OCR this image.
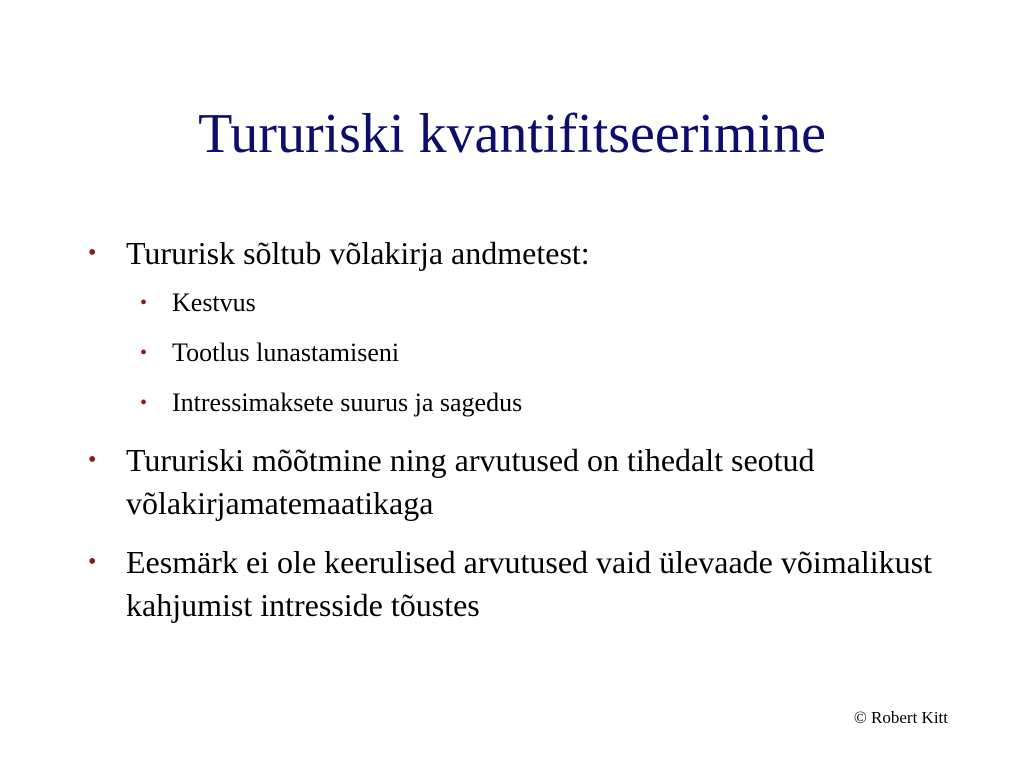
Tururiski kvantifitseerimine
• Tururisk sõltub võlakirja andmetest:
• Kestvus
• Tootlus lunastamiseni
• Intressimaksete suurus ja sagedus
• Tururiski mõõtmine ning arvutused on tihedalt seotud võlakirjamatemaatikaga
• Eesmärk ei ole keerulised arvutused vaid ülevaade võimalikust kahjumist intresside tõustes
© Robert Kitt
